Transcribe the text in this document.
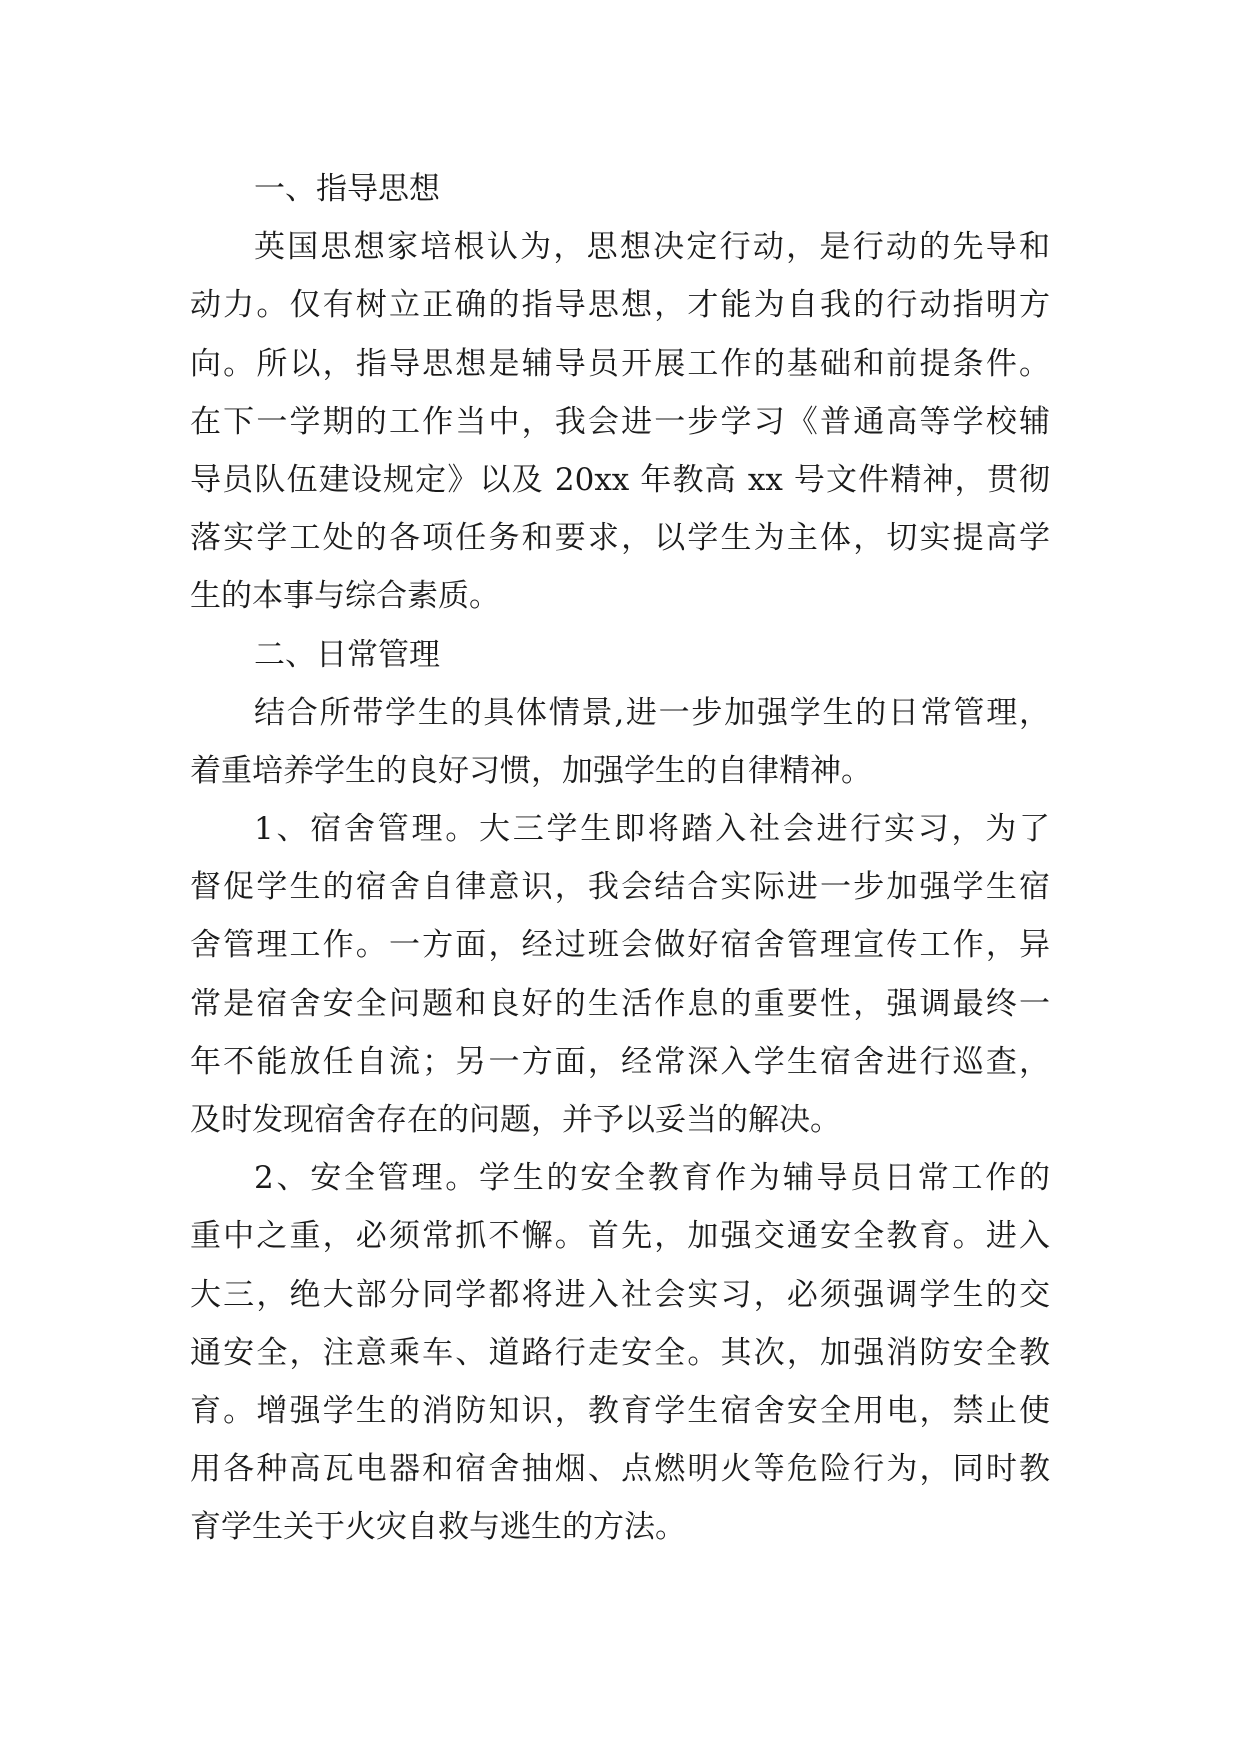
一、指导思想
英国思想家培根认为，思想决定行动，是行动的先导和
动力。仅有树立正确的指导思想，才能为自我的行动指明方
向。所以，指导思想是辅导员开展工作的基础和前提条件。
在下一学期的工作当中，我会进一步学习《普通高等学校辅
导员队伍建设规定》以及 20xx 年教高 xx 号文件精神，贯彻
落实学工处的各项任务和要求，以学生为主体，切实提高学
生的本事与综合素质。
二、日常管理
结合所带学生的具体情景,进一步加强学生的日常管理，
着重培养学生的良好习惯，加强学生的自律精神。
1、宿舍管理。大三学生即将踏入社会进行实习，为了
督促学生的宿舍自律意识，我会结合实际进一步加强学生宿
舍管理工作。一方面，经过班会做好宿舍管理宣传工作，异
常是宿舍安全问题和良好的生活作息的重要性，强调最终一
年不能放任自流；另一方面，经常深入学生宿舍进行巡查，
及时发现宿舍存在的问题，并予以妥当的解决。
2、安全管理。学生的安全教育作为辅导员日常工作的
重中之重，必须常抓不懈。首先，加强交通安全教育。进入
大三，绝大部分同学都将进入社会实习，必须强调学生的交
通安全，注意乘车、道路行走安全。其次，加强消防安全教
育。增强学生的消防知识，教育学生宿舍安全用电，禁止使
用各种高瓦电器和宿舍抽烟、点燃明火等危险行为，同时教
育学生关于火灾自救与逃生的方法。
